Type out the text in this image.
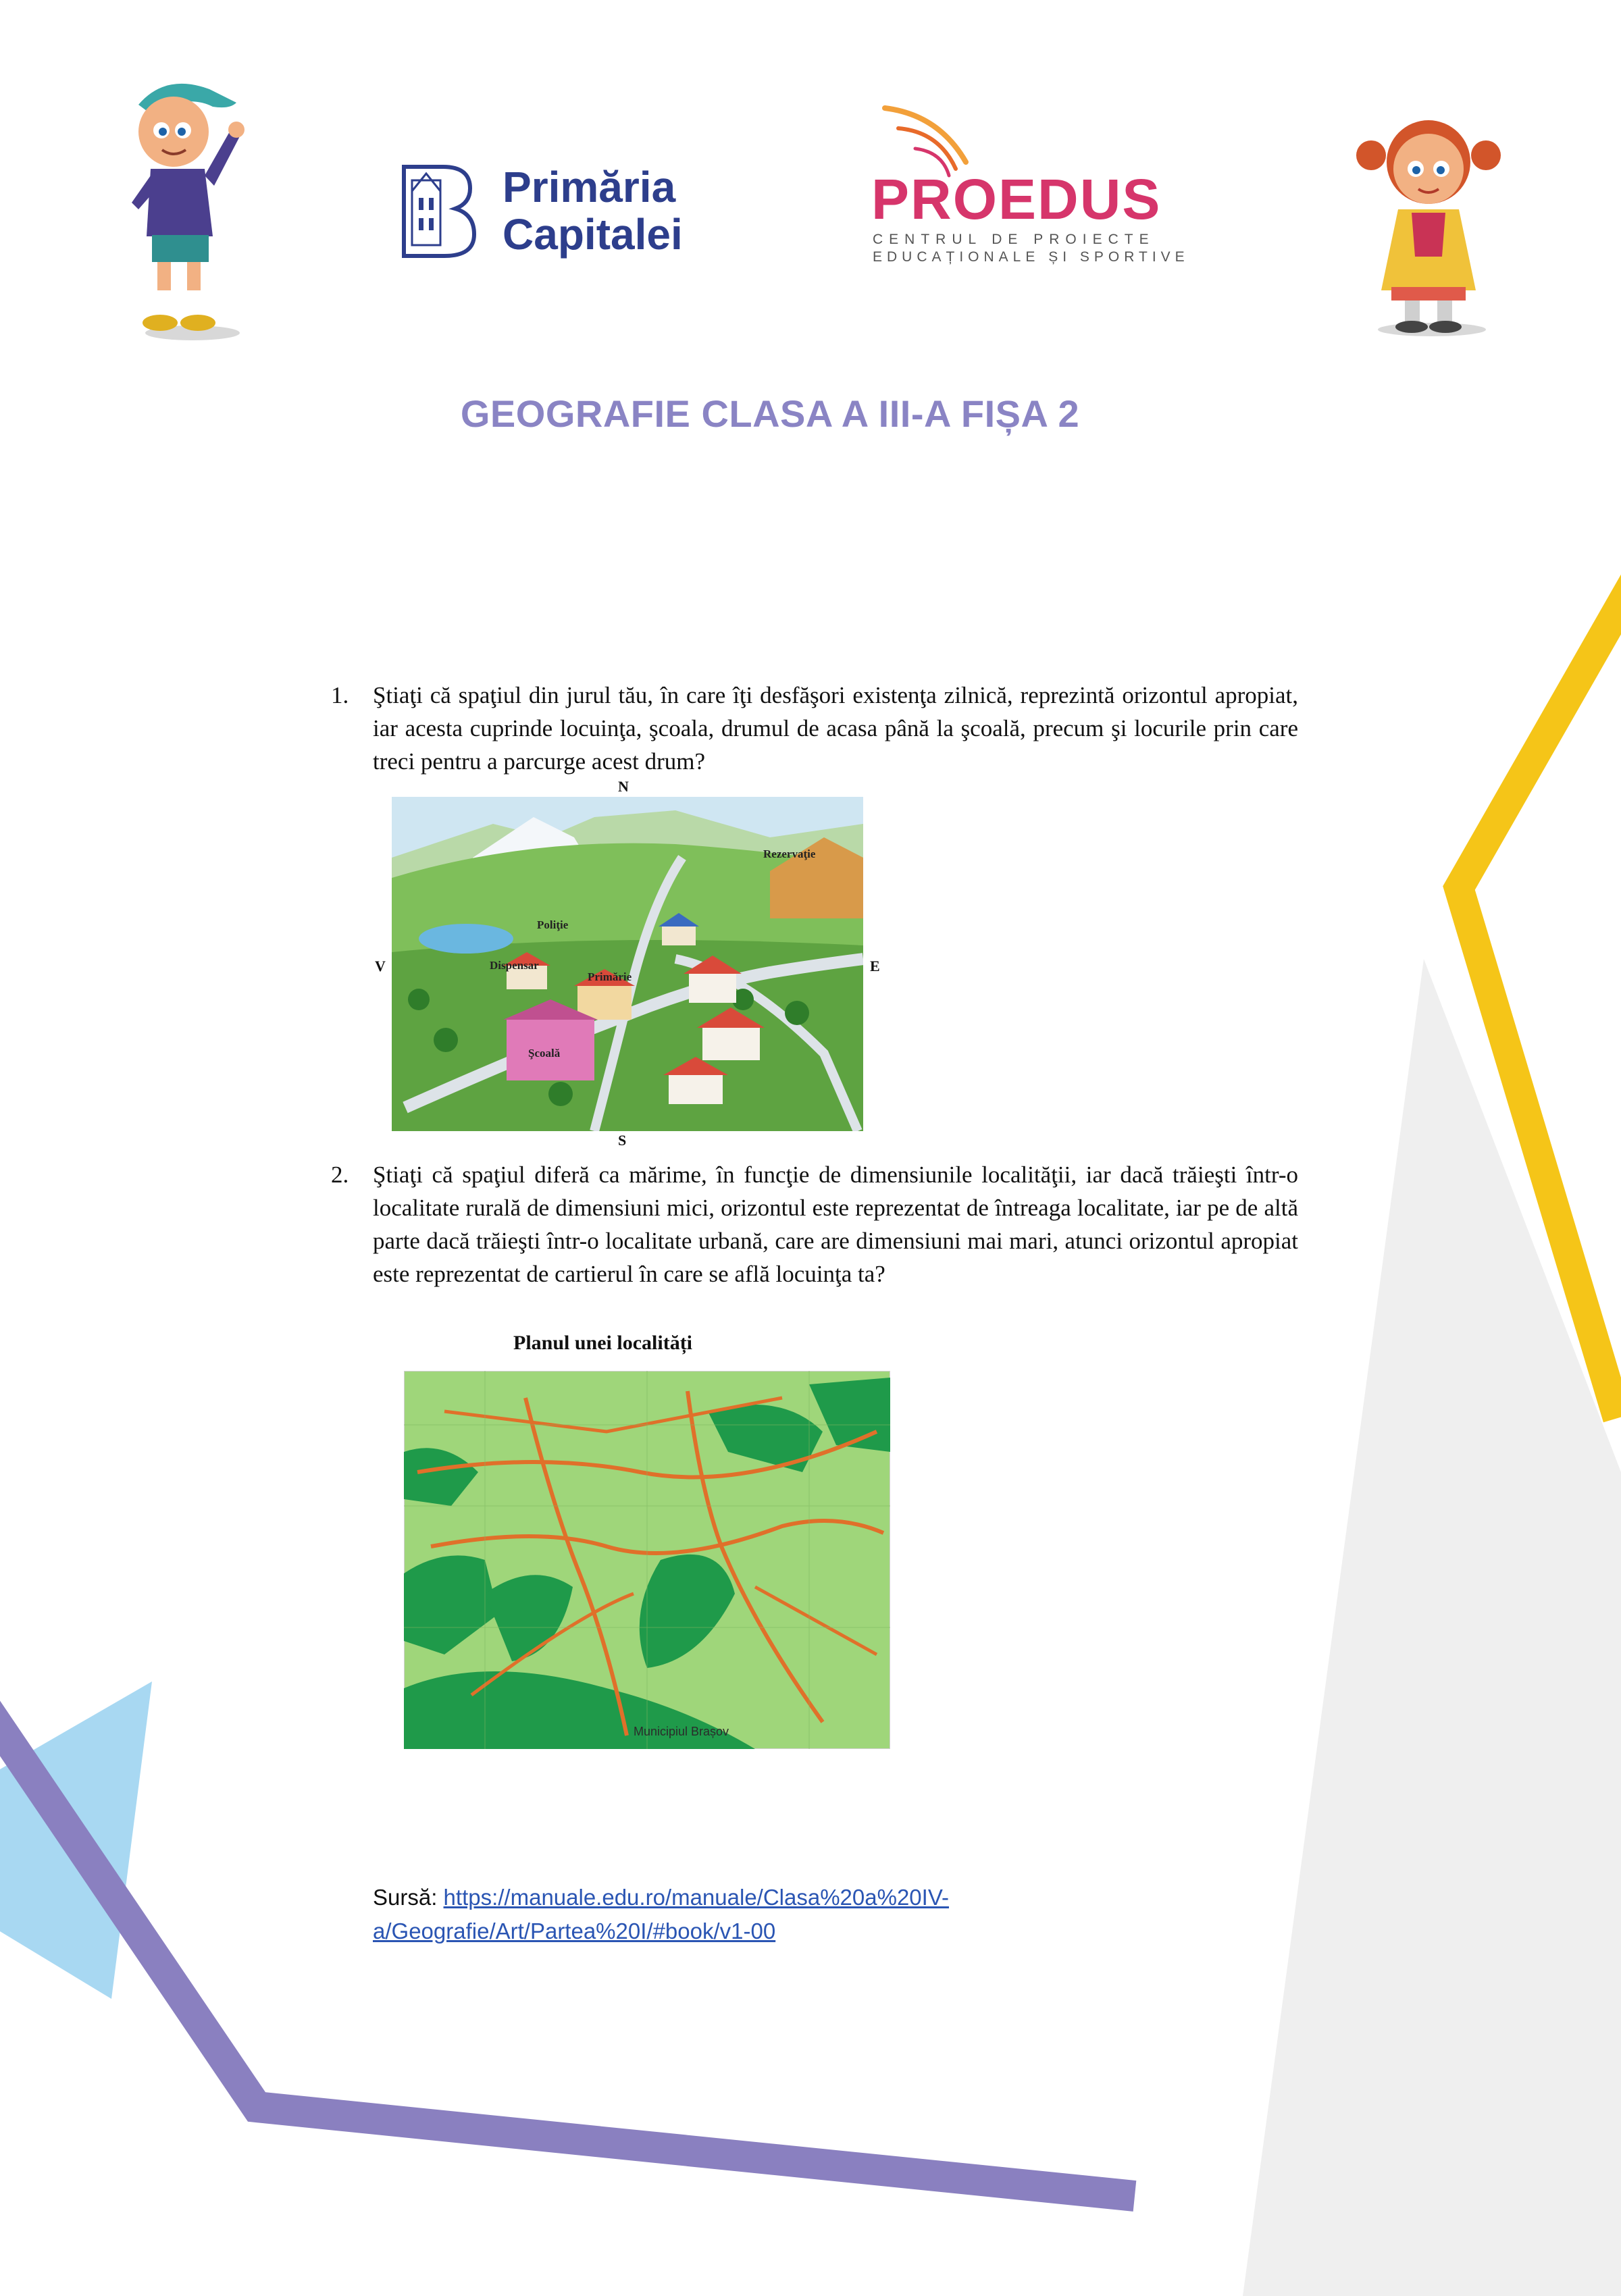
Primăria
Capitalei
PROEDUS
CENTRUL DE PROIECTE
EDUCAȚIONALE ȘI SPORTIVE
GEOGRAFIE CLASA A III-A FIȘA 2
1. Ştiaţi că spaţiul din jurul tău, în care îţi desfăşori existenţa zilnică, reprezintă orizontul apropiat, iar acesta cuprinde locuinţa, şcoala, drumul de acasa până la şcoală, precum şi locurile prin care treci pentru a parcurge acest drum?
N
S
V	E
Rezervaţie
Poliţie
Dispensar
Primărie
Şcoală
2. Ştiaţi că spaţiul diferă ca mărime, în funcţie de dimensiunile localităţii, iar dacă trăieşti într-o localitate rurală de dimensiuni mici, orizontul este reprezentat de întreaga localitate, iar pe de altă parte dacă trăieşti într-o localitate urbană, care are dimensiuni mai mari, atunci orizontul apropiat este reprezentat de cartierul în care se află locuinţa ta?
Planul unei localități
Municipiul Brașov
Sursă: https://manuale.edu.ro/manuale/Clasa%20a%20IV-
a/Geografie/Art/Partea%20I/#book/v1-00
